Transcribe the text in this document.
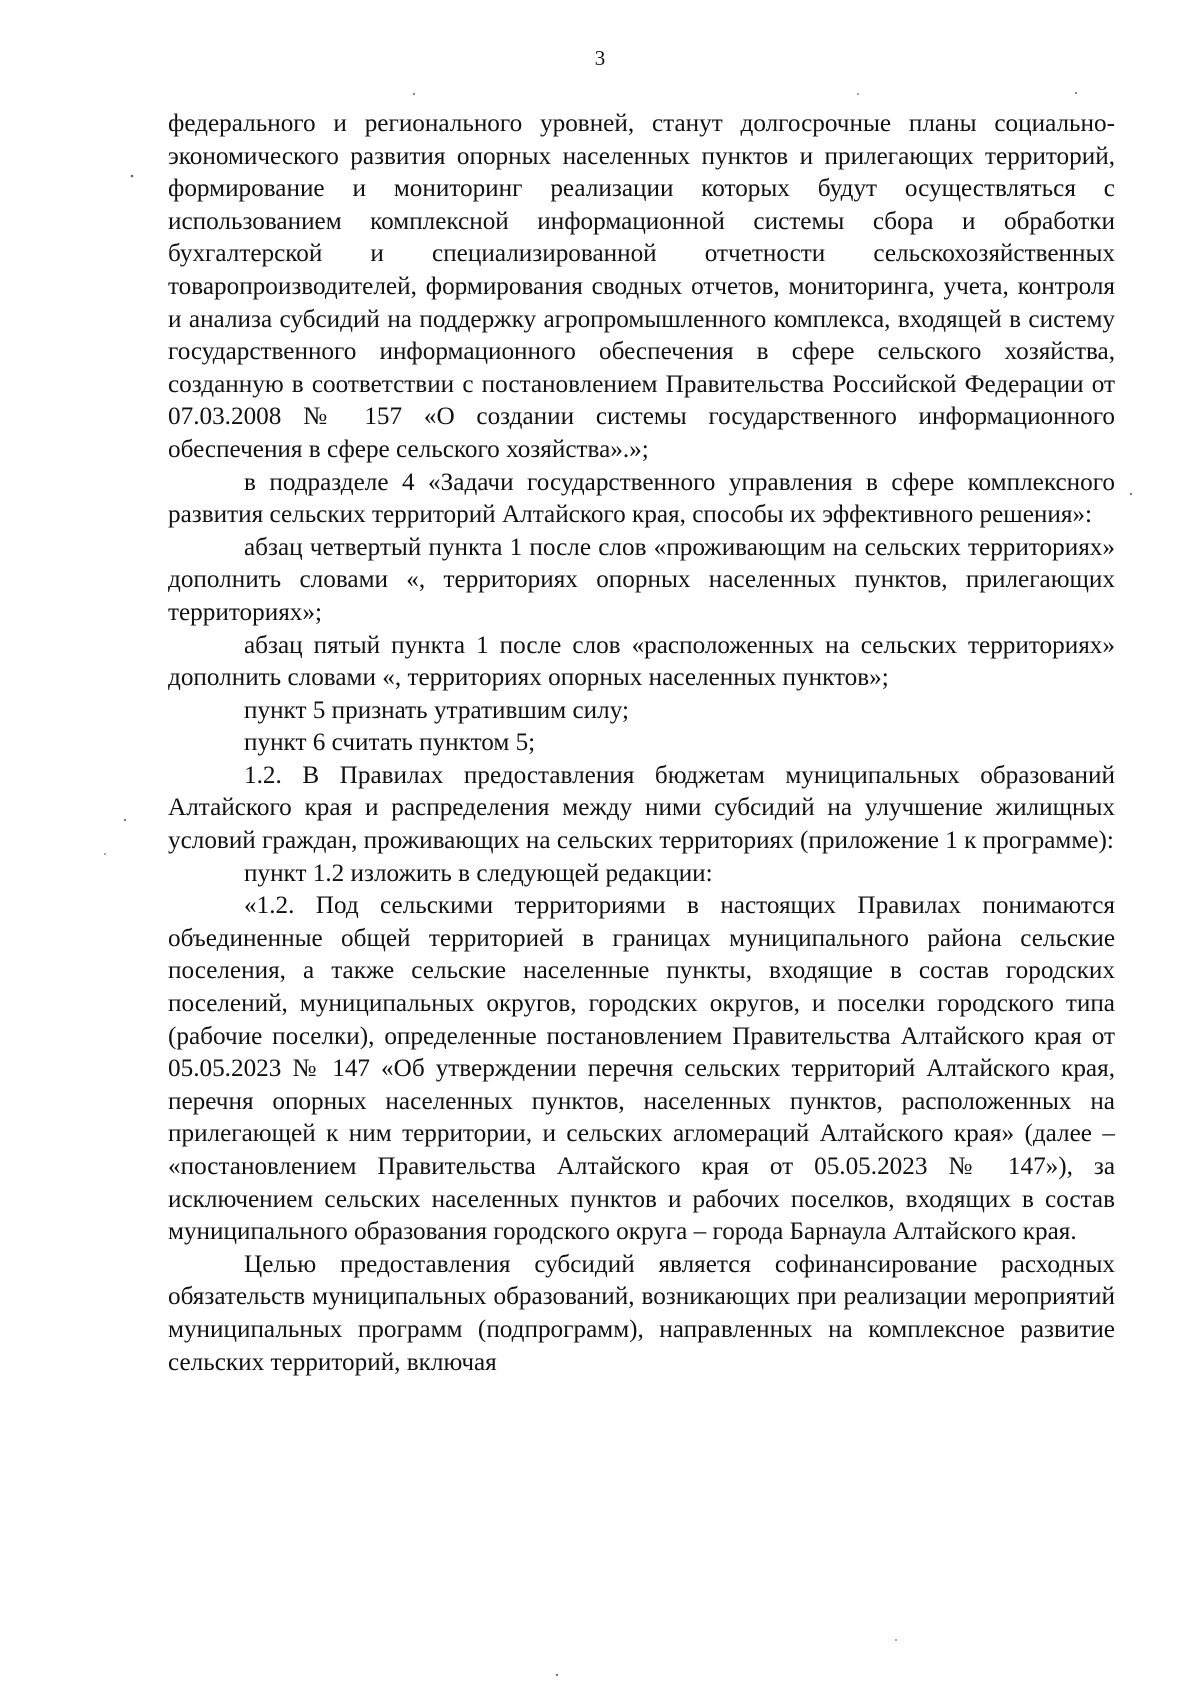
3

федерального и регионального уровней, станут долгосрочные планы социально-экономического развития опорных населенных пунктов и прилегающих территорий, формирование и мониторинг реализации которых будут осуществляться с использованием комплексной информационной системы сбора и обработки бухгалтерской и специализированной отчетности сельскохозяйственных товаропроизводителей, формирования сводных отчетов, мониторинга, учета, контроля и анализа субсидий на поддержку агропромышленного комплекса, входящей в систему государственного информационного обеспечения в сфере сельского хозяйства, созданную в соответствии с постановлением Правительства Российской Федерации от 07.03.2008 № 157 «О создании системы государственного информационного обеспечения в сфере сельского хозяйства».»;

в подразделе 4 «Задачи государственного управления в сфере комплексного развития сельских территорий Алтайского края, способы их эффективного решения»:

абзац четвертый пункта 1 после слов «проживающим на сельских территориях» дополнить словами «, территориях опорных населенных пунктов, прилегающих территориях»;

абзац пятый пункта 1 после слов «расположенных на сельских территориях» дополнить словами «, территориях опорных населенных пунктов»;

пункт 5 признать утратившим силу;

пункт 6 считать пунктом 5;

1.2. В Правилах предоставления бюджетам муниципальных образований Алтайского края и распределения между ними субсидий на улучшение жилищных условий граждан, проживающих на сельских территориях (приложение 1 к программе):

пункт 1.2 изложить в следующей редакции:

«1.2. Под сельскими территориями в настоящих Правилах понимаются объединенные общей территорией в границах муниципального района сельские поселения, а также сельские населенные пункты, входящие в состав городских поселений, муниципальных округов, городских округов, и поселки городского типа (рабочие поселки), определенные постановлением Правительства Алтайского края от 05.05.2023 № 147 «Об утверждении перечня сельских территорий Алтайского края, перечня опорных населенных пунктов, населенных пунктов, расположенных на прилегающей к ним территории, и сельских агломераций Алтайского края» (далее – «постановлением Правительства Алтайского края от 05.05.2023 № 147»), за исключением сельских населенных пунктов и рабочих поселков, входящих в состав муниципального образования городского округа – города Барнаула Алтайского края.

Целью предоставления субсидий является софинансирование расходных обязательств муниципальных образований, возникающих при реализации мероприятий муниципальных программ (подпрограмм), направленных на комплексное развитие сельских территорий, включая
